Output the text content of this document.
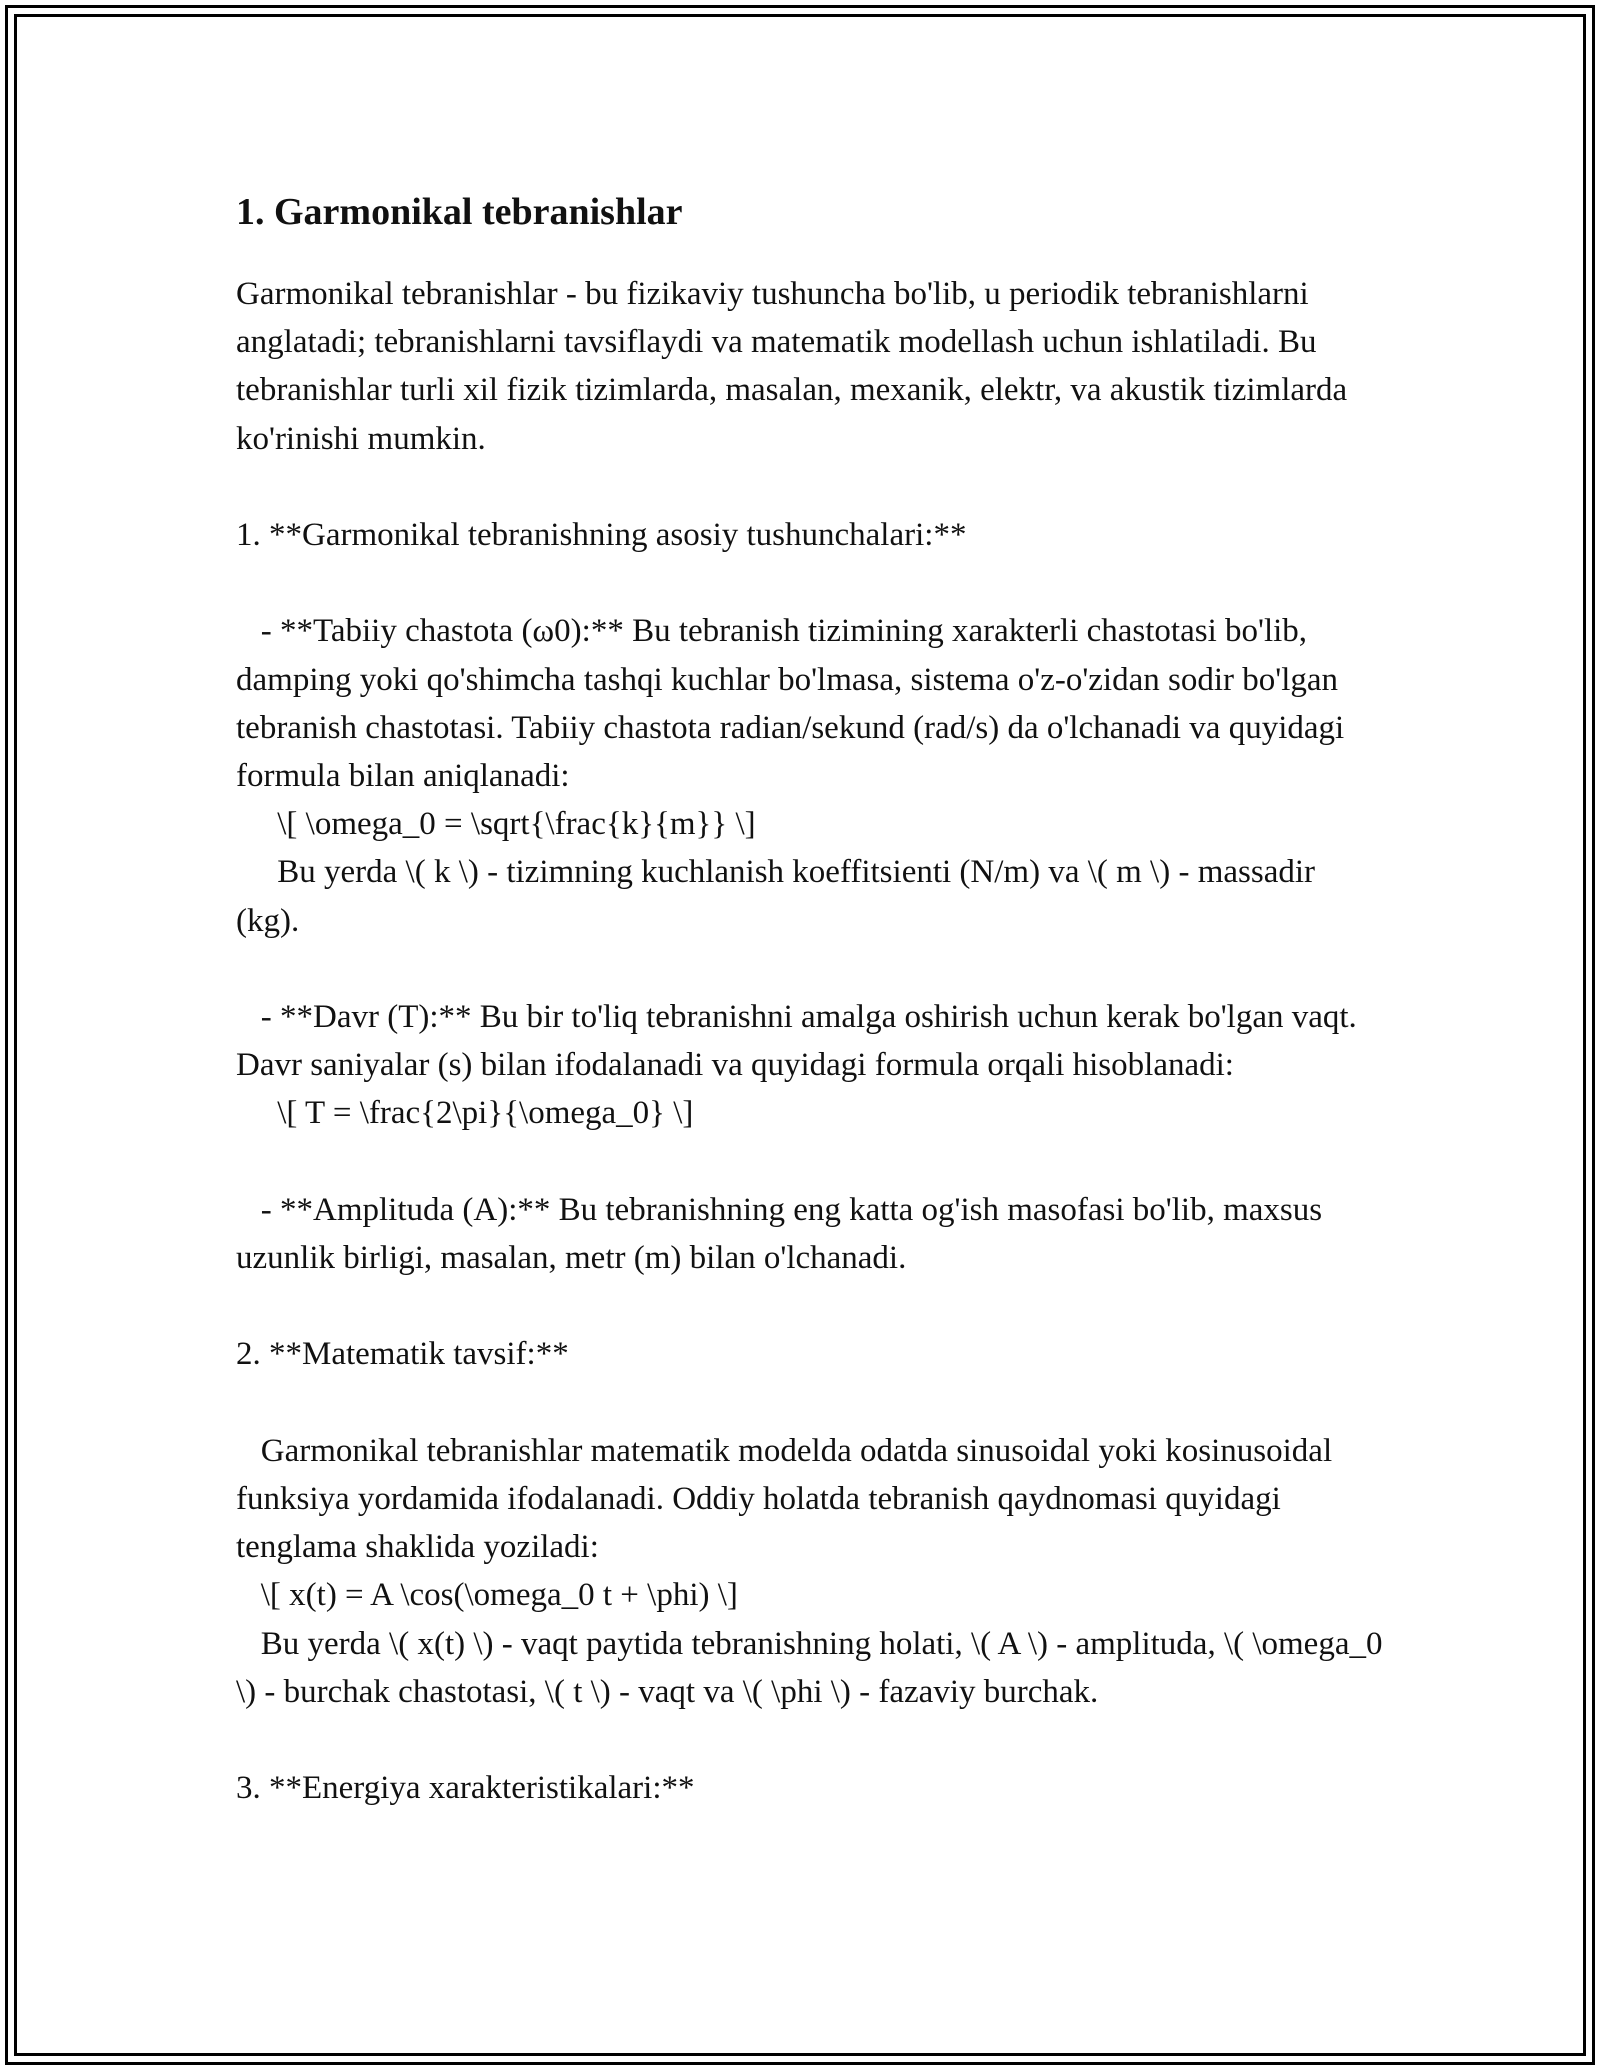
1. Garmonikal tebranishlar
Garmonikal tebranishlar - bu fizikaviy tushuncha bo'lib, u periodik tebranishlarni anglatadi; tebranishlarni tavsiflaydi va matematik modellash uchun ishlatiladi. Bu tebranishlar turli xil fizik tizimlarda, masalan, mexanik, elektr, va akustik tizimlarda ko'rinishi mumkin.

1. **Garmonikal tebranishning asosiy tushunchalari:**

- **Tabiiy chastota (ω0):** Bu tebranish tizimining xarakterli chastotasi bo'lib, damping yoki qo'shimcha tashqi kuchlar bo'lmasa, sistema o'z-o'zidan sodir bo'lgan tebranish chastotasi. Tabiiy chastota radian/sekund (rad/s) da o'lchanadi va quyidagi formula bilan aniqlanadi:
\[ \omega_0 = \sqrt{\frac{k}{m}} \]
Bu yerda \( k \) - tizimning kuchlanish koeffitsienti (N/m) va \( m \) - massadir (kg).

- **Davr (T):** Bu bir to'liq tebranishni amalga oshirish uchun kerak bo'lgan vaqt. Davr saniyalar (s) bilan ifodalanadi va quyidagi formula orqali hisoblanadi:
\[ T = \frac{2\pi}{\omega_0} \]

- **Amplituda (A):** Bu tebranishning eng katta og'ish masofasi bo'lib, maxsus uzunlik birligi, masalan, metr (m) bilan o'lchanadi.

2. **Matematik tavsif:**

Garmonikal tebranishlar matematik modelda odatda sinusoidal yoki kosinusoidal funksiya yordamida ifodalanadi. Oddiy holatda tebranish qaydnomasi quyidagi tenglama shaklida yoziladi:
\[ x(t) = A \cos(\omega_0 t + \phi) \]
Bu yerda \( x(t) \) - vaqt paytida tebranishning holati, \( A \) - amplituda, \( \omega_0 \) - burchak chastotasi, \( t \) - vaqt va \( \phi \) - fazaviy burchak.

3. **Energiya xarakteristikalari:**
